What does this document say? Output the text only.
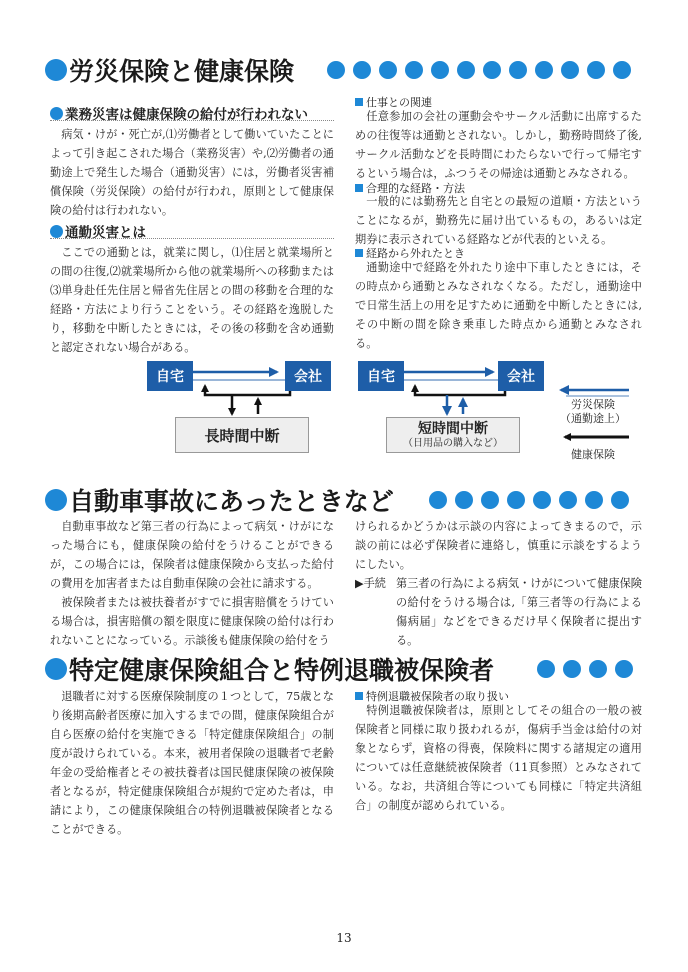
労災保険と健康保険
業務災害は健康保険の給付が行われない
病気・けが・死亡が,⑴労働者として働いていたことによって引き起こされた場合（業務災害）や,⑵労働者の通勤途上で発生した場合（通勤災害）には，労働者災害補償保険（労災保険）の給付が行われ，原則として健康保険の給付は行われない。
通勤災害とは
ここでの通勤とは，就業に関し，⑴住居と就業場所との間の往復,⑵就業場所から他の就業場所への移動または⑶単身赴任先住居と帰省先住居との間の移動を合理的な経路・方法により行うことをいう。その経路を逸脱したり，移動を中断したときには，その後の移動を含め通勤と認定されない場合がある。
仕事との関連
任意参加の会社の運動会やサークル活動に出席するための往復等は通勤とされない。しかし，勤務時間終了後,サークル活動などを長時間にわたらないで行って帰宅するという場合は，ふつうその帰途は通勤とみなされる。
合理的な経路・方法
一般的には勤務先と自宅との最短の道順・方法ということになるが，勤務先に届け出ているもの，あるいは定期券に表示されている経路などが代表的といえる。
経路から外れたとき
通勤途中で経路を外れたり途中下車したときには，その時点から通勤とみなされなくなる。ただし，通勤途中で日常生活上の用を足すために通勤を中断したときには,その中断の間を除き乗車した時点から通勤とみなされる。
自宅	会社
長時間中断
自宅	会社
短時間中断
（日用品の購入など）
労災保険
（通勤途上）
健康保険
自動車事故にあったときなど
自動車事故など第三者の行為によって病気・けがになった場合にも，健康保険の給付をうけることができるが，この場合には，保険者は健康保険から支払った給付の費用を加害者または自動車保険の会社に請求する。
被保険者または被扶養者がすでに損害賠償をうけている場合は，損害賠償の額を限度に健康保険の給付は行われないことになっている。示談後も健康保険の給付をう
けられるかどうかは示談の内容によってきまるので，示談の前には必ず保険者に連絡し，慎重に示談をするようにしたい。
▶手続 第三者の行為による病気・けがについて健康保険の給付をうける場合は,「第三者等の行為による傷病届」などをできるだけ早く保険者に提出する。
特定健康保険組合と特例退職被保険者
退職者に対する医療保険制度の１つとして，75歳となり後期高齢者医療に加入するまでの間，健康保険組合が自ら医療の給付を実施できる「特定健康保険組合」の制度が設けられている。本来，被用者保険の退職者で老齢年金の受給権者とその被扶養者は国民健康保険の被保険者となるが，特定健康保険組合が規約で定めた者は，申請により，この健康保険組合の特例退職被保険者となることができる。
特例退職被保険者の取り扱い
特例退職被保険者は，原則としてその組合の一般の被保険者と同様に取り扱われるが，傷病手当金は給付の対象とならず，資格の得喪，保険料に関する諸規定の適用については任意継続被保険者（11頁参照）とみなされている。なお，共済組合等についても同様に「特定共済組合」の制度が認められている。
13
